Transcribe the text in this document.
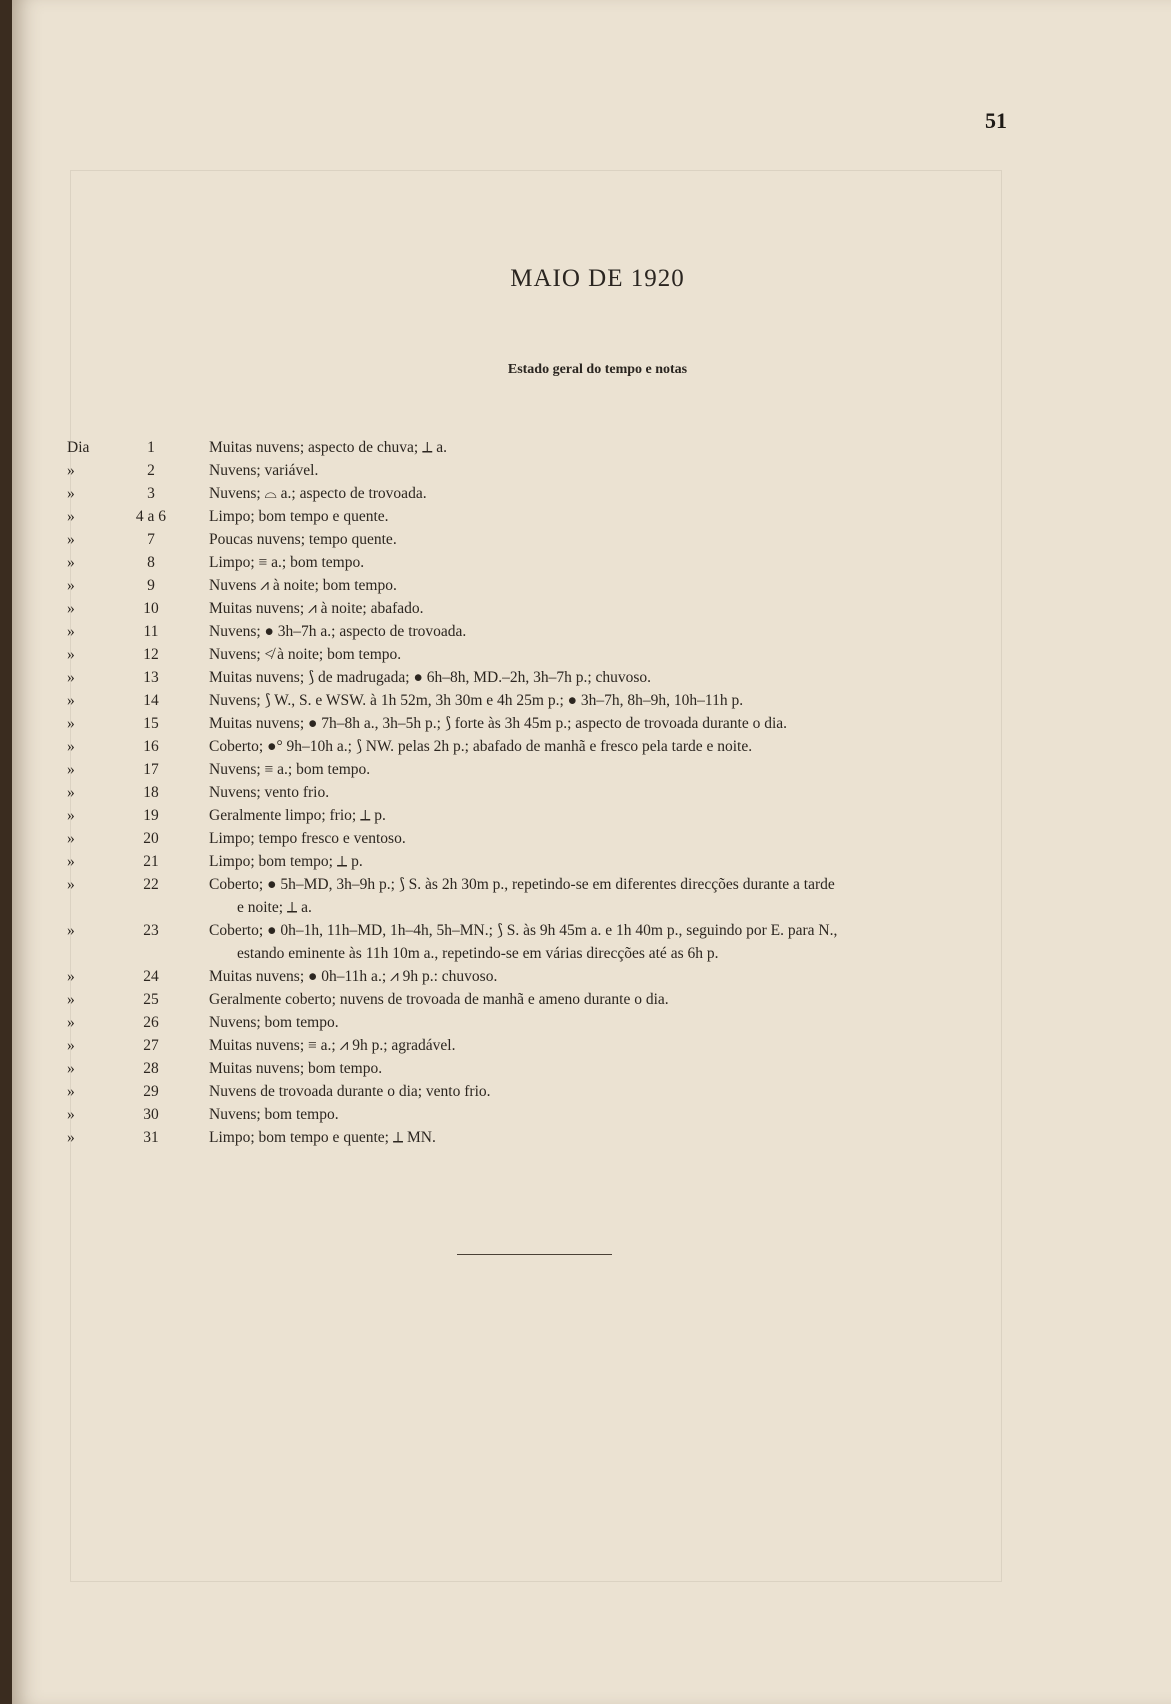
51
MAIO DE 1920
Estado geral do tempo e notas
Dia	1	Muitas nuvens; aspecto de chuva; ⟂ a.
»	2	Nuvens; variável.
»	3	Nuvens; ⌓ a.; aspecto de trovoada.
»	4 a 6	Limpo; bom tempo e quente.
»	7	Poucas nuvens; tempo quente.
»	8	Limpo; ≡ a.; bom tempo.
»	9	Nuvens ⩘ à noite; bom tempo.
»	10	Muitas nuvens; ⩘ à noite; abafado.
»	11	Nuvens; ● 3h–7h a.; aspecto de trovoada.
»	12	Nuvens; ≮ à noite; bom tempo.
»	13	Muitas nuvens; ⟆ de madrugada; ● 6h–8h, MD.–2h, 3h–7h p.; chuvoso.
»	14	Nuvens; ⟆ W., S. e WSW. à 1h 52m, 3h 30m e 4h 25m p.; ● 3h–7h, 8h–9h, 10h–11h p.
»	15	Muitas nuvens; ● 7h–8h a., 3h–5h p.; ⟆ forte às 3h 45m p.; aspecto de trovoada durante o dia.
»	16	Coberto; ●° 9h–10h a.; ⟆ NW. pelas 2h p.; abafado de manhã e fresco pela tarde e noite.
»	17	Nuvens; ≡ a.; bom tempo.
»	18	Nuvens; vento frio.
»	19	Geralmente limpo; frio; ⟂ p.
»	20	Limpo; tempo fresco e ventoso.
»	21	Limpo; bom tempo; ⟂ p.
»	22	Coberto; ● 5h–MD, 3h–9h p.; ⟆ S. às 2h 30m p., repetindo-se em diferentes direcções durante a tarde
e noite; ⟂ a.
»	23	Coberto; ● 0h–1h, 11h–MD, 1h–4h, 5h–MN.; ⟆ S. às 9h 45m a. e 1h 40m p., seguindo por E. para N.,
estando eminente às 11h 10m a., repetindo-se em várias direcções até as 6h p.
»	24	Muitas nuvens; ● 0h–11h a.; ⩘ 9h p.: chuvoso.
»	25	Geralmente coberto; nuvens de trovoada de manhã e ameno durante o dia.
»	26	Nuvens; bom tempo.
»	27	Muitas nuvens; ≡ a.; ⩘ 9h p.; agradável.
»	28	Muitas nuvens; bom tempo.
»	29	Nuvens de trovoada durante o dia; vento frio.
»	30	Nuvens; bom tempo.
»	31	Limpo; bom tempo e quente; ⟂ MN.
